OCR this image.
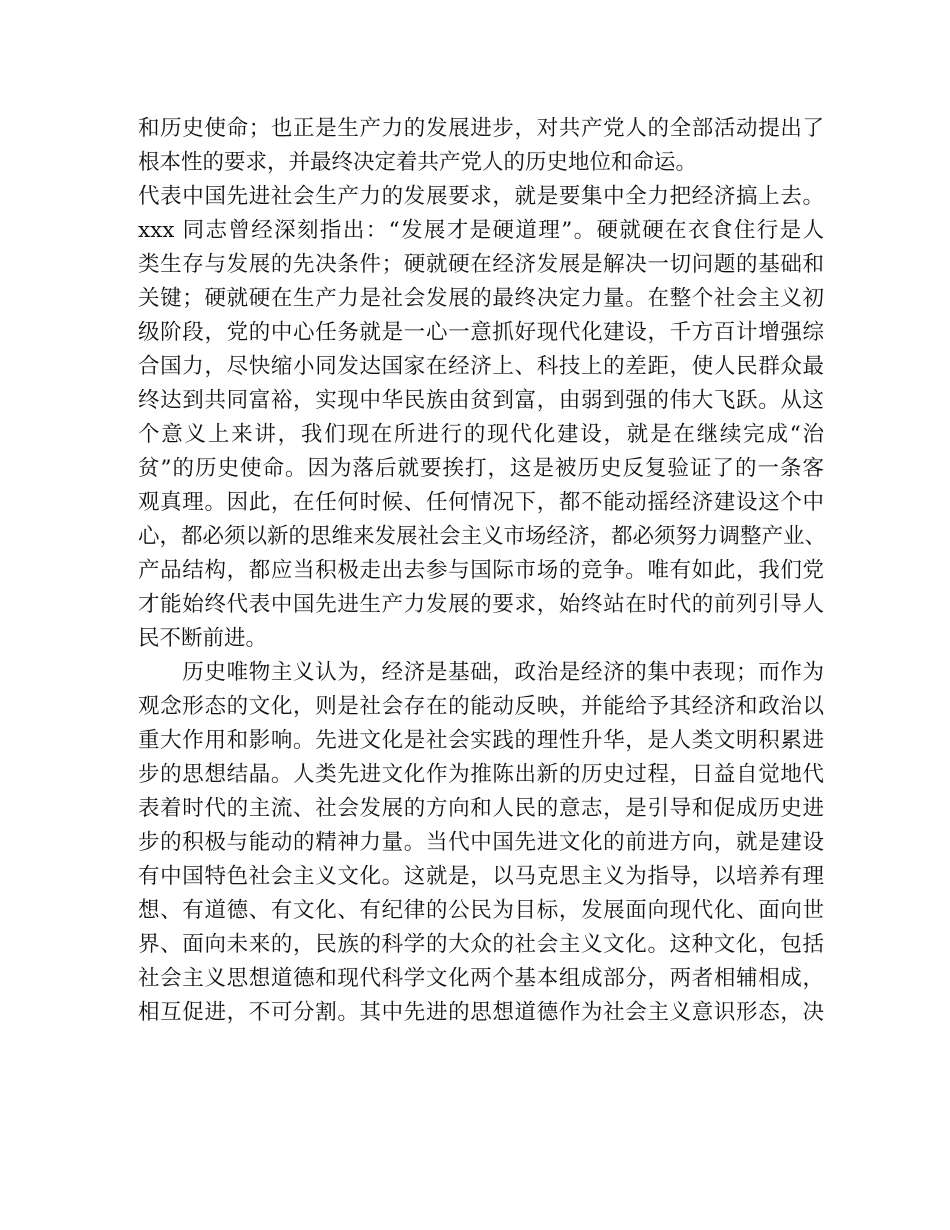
和历史使命；也正是生产力的发展进步，对共产党人的全部活动提出了
根本性的要求，并最终决定着共产党人的历史地位和命运。
代表中国先进社会生产力的发展要求，就是要集中全力把经济搞上去。
xxx 同志曾经深刻指出：“发展才是硬道理”。硬就硬在衣食住行是人
类生存与发展的先决条件；硬就硬在经济发展是解决一切问题的基础和
关键；硬就硬在生产力是社会发展的最终决定力量。在整个社会主义初
级阶段，党的中心任务就是一心一意抓好现代化建设，千方百计增强综
合国力，尽快缩小同发达国家在经济上、科技上的差距，使人民群众最
终达到共同富裕，实现中华民族由贫到富，由弱到强的伟大飞跃。从这
个意义上来讲，我们现在所进行的现代化建设，就是在继续完成“治
贫”的历史使命。因为落后就要挨打，这是被历史反复验证了的一条客
观真理。因此，在任何时候、任何情况下，都不能动摇经济建设这个中
心，都必须以新的思维来发展社会主义市场经济，都必须努力调整产业、
产品结构，都应当积极走出去参与国际市场的竞争。唯有如此，我们党
才能始终代表中国先进生产力发展的要求，始终站在时代的前列引导人
民不断前进。
　　历史唯物主义认为，经济是基础，政治是经济的集中表现；而作为
观念形态的文化，则是社会存在的能动反映，并能给予其经济和政治以
重大作用和影响。先进文化是社会实践的理性升华，是人类文明积累进
步的思想结晶。人类先进文化作为推陈出新的历史过程，日益自觉地代
表着时代的主流、社会发展的方向和人民的意志，是引导和促成历史进
步的积极与能动的精神力量。当代中国先进文化的前进方向，就是建设
有中国特色社会主义文化。这就是，以马克思主义为指导，以培养有理
想、有道德、有文化、有纪律的公民为目标，发展面向现代化、面向世
界、面向未来的，民族的科学的大众的社会主义文化。这种文化，包括
社会主义思想道德和现代科学文化两个基本组成部分，两者相辅相成，
相互促进，不可分割。其中先进的思想道德作为社会主义意识形态，决
